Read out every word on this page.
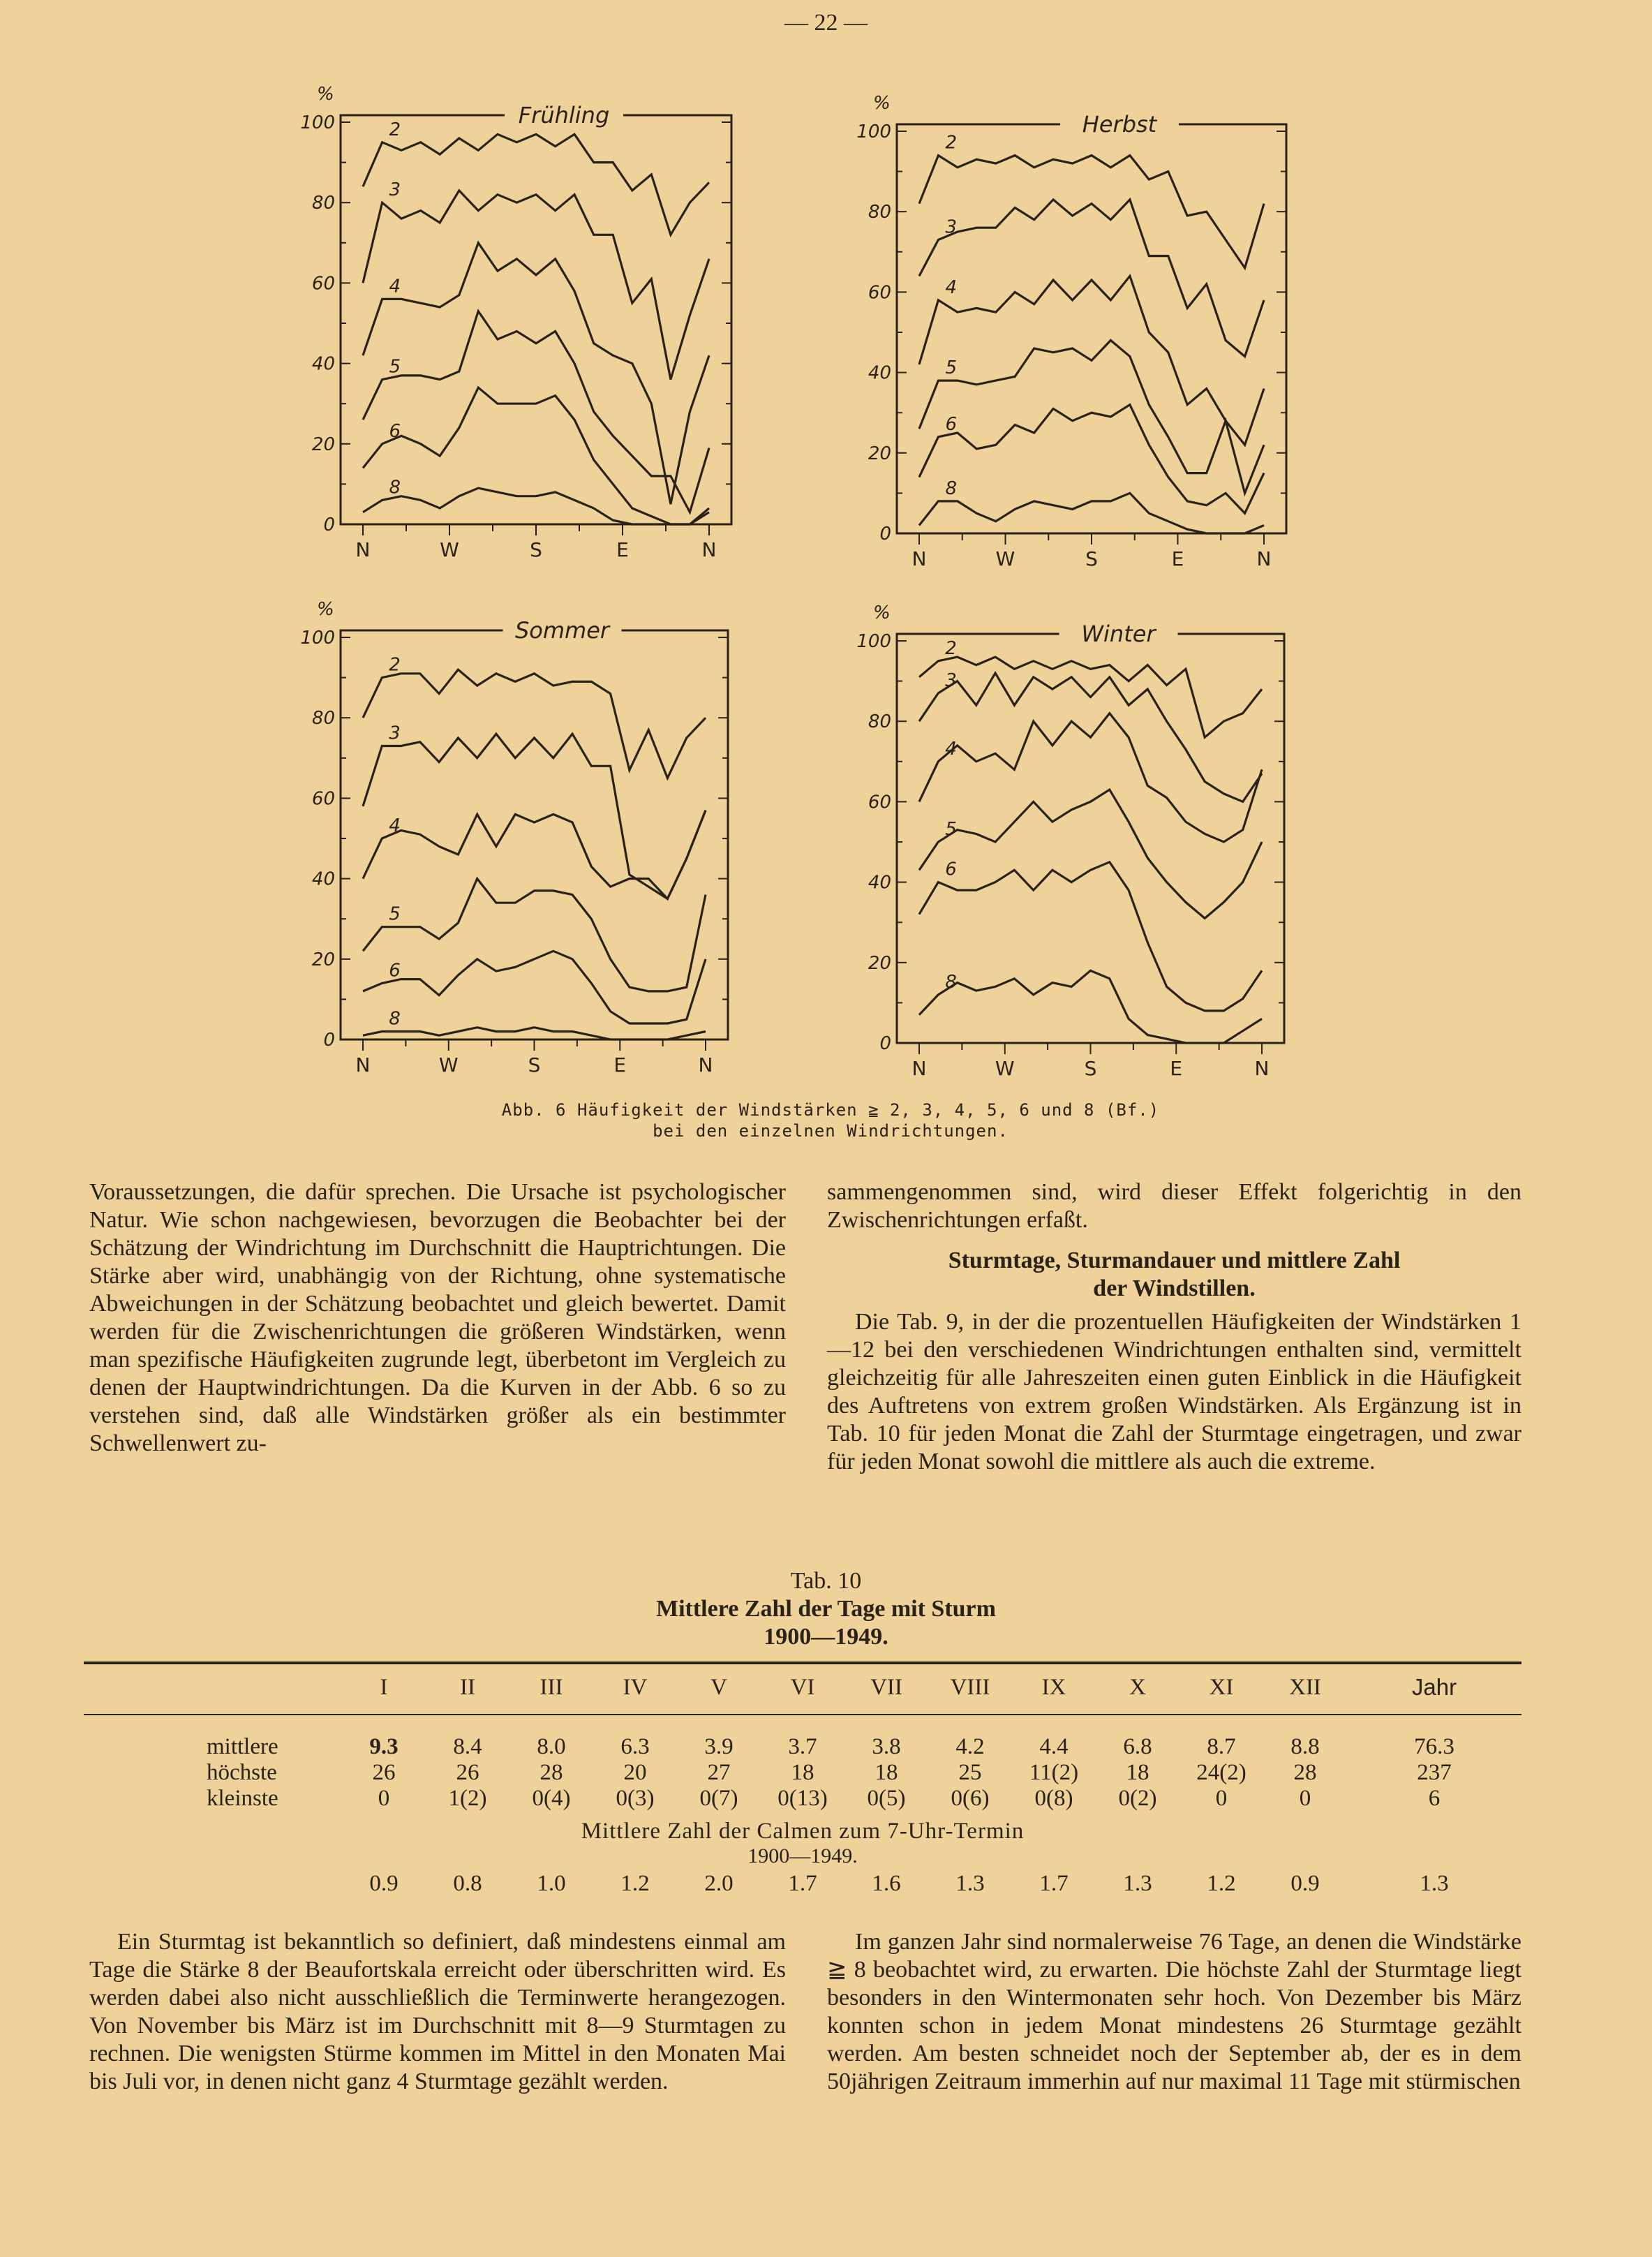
— 22 —
Frühling
%
100
80
60
40
20
0
N	W	S	E	N
2
3
4
5
6
8
Herbst
%
100
80
60
40
20
0
N	W	S	E	N
2
3
4
5
6
8
Sommer
%
100
80
60
40
20
0
N	W	S	E	N
2
3
4
5
6
8
Winter
%
100
80
60
40
20
0
N	W	S	E	N
2
3
4
5
6
8
Abb. 6 Häufigkeit der Windstärken ≧ 2, 3, 4, 5, 6 und 8 (Bf.)
bei den einzelnen Windrichtungen.

Voraussetzungen, die dafür sprechen. Die Ursache ist psychologischer Natur. Wie schon nachgewiesen, bevorzugen die Beobachter bei der Schätzung der Windrichtung im Durchschnitt die Hauptrichtungen. Die Stärke aber wird, unabhängig von der Richtung, ohne systematische Abweichungen in der Schätzung beobachtet und gleich bewertet. Damit werden für die Zwischenrichtungen die größeren Windstärken, wenn man spezifische Häufigkeiten zugrunde legt, überbetont im Vergleich zu denen der Hauptwindrichtungen. Da die Kurven in der Abb. 6 so zu verstehen sind, daß alle Windstärken größer als ein bestimmter Schwellenwert zu-

sammengenommen sind, wird dieser Effekt folgerichtig in den Zwischenrichtungen erfaßt.

Sturmtage, Sturmandauer und mittlere Zahl
der Windstillen.

Die Tab. 9, in der die prozentuellen Häufigkeiten der Windstärken 1—12 bei den verschiedenen Windrichtungen enthalten sind, vermittelt gleichzeitig für alle Jahreszeiten einen guten Einblick in die Häufigkeit des Auftretens von extrem großen Windstärken. Als Ergänzung ist in Tab. 10 für jeden Monat die Zahl der Sturmtage eingetragen, und zwar für jeden Monat sowohl die mittlere als auch die extreme.

Tab. 10
Mittlere Zahl der Tage mit Sturm
1900—1949.
	I	II	III	IV	V	VI	VII	VIII	IX	X	XI	XII	Jahr

mittlere	9.3	8.4	8.0	6.3	3.9	3.7	3.8	4.2	4.4	6.8	8.7	8.8	76.3
höchste	26	26	28	20	27	18	18	25	11(2)	18	24(2)	28	237
kleinste	0	1(2)	0(4)	0(3)	0(7)	0(13)	0(5)	0(6)	0(8)	0(2)	0	0	6
Mittlere Zahl der Calmen zum 7-Uhr-Termin													
1900—1949.													
	0.9	0.8	1.0	1.2	2.0	1.7	1.6	1.3	1.7	1.3	1.2	0.9	1.3

Ein Sturmtag ist bekanntlich so definiert, daß mindestens einmal am Tage die Stärke 8 der Beaufortskala erreicht oder überschritten wird. Es werden dabei also nicht ausschließlich die Terminwerte herangezogen. Von November bis März ist im Durchschnitt mit 8—9 Sturmtagen zu rechnen. Die wenigsten Stürme kommen im Mittel in den Monaten Mai bis Juli vor, in denen nicht ganz 4 Sturmtage gezählt werden.

Im ganzen Jahr sind normalerweise 76 Tage, an denen die Windstärke ≧ 8 beobachtet wird, zu erwarten. Die höchste Zahl der Sturmtage liegt besonders in den Wintermonaten sehr hoch. Von Dezember bis März konnten schon in jedem Monat mindestens 26 Sturmtage gezählt werden. Am besten schneidet noch der September ab, der es in dem 50jährigen Zeitraum immerhin auf nur maximal 11 Tage mit stürmischen
